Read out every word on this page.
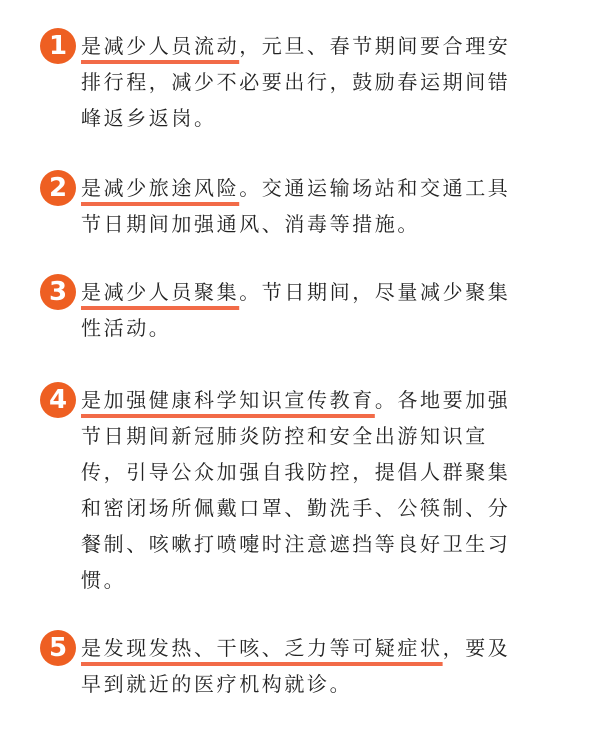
1 是减少人员流动，元旦、春节期间要合理安排行程，减少不必要出行，鼓励春运期间错峰返乡返岗。
2 是减少旅途风险。交通运输场站和交通工具节日期间加强通风、消毒等措施。
3 是减少人员聚集。节日期间，尽量减少聚集性活动。
4 是加强健康科学知识宣传教育。各地要加强节日期间新冠肺炎防控和安全出游知识宣传，引导公众加强自我防控，提倡人群聚集和密闭场所佩戴口罩、勤洗手、公筷制、分餐制、咳嗽打喷嚏时注意遮挡等良好卫生习惯。
5 是发现发热、干咳、乏力等可疑症状，要及早到就近的医疗机构就诊。
